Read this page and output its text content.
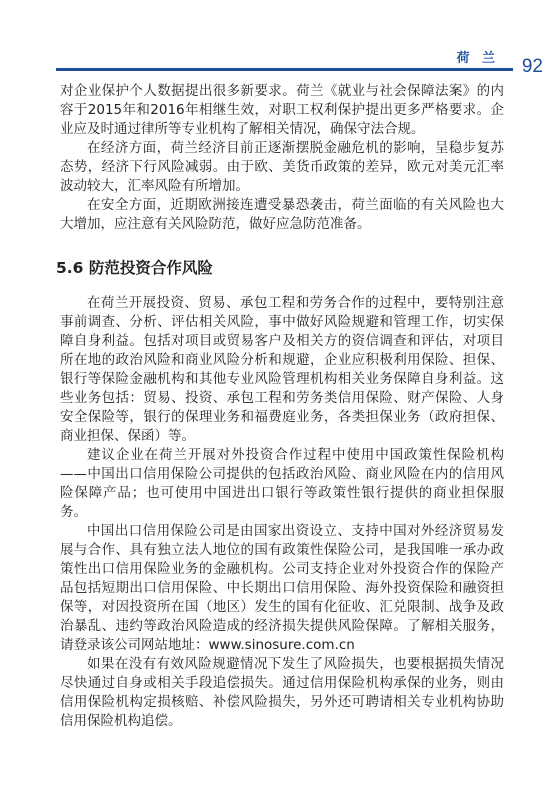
荷 兰 92

对企业保护个人数据提出很多新要求。荷兰《就业与社会保障法案》的内容于2015年和2016年相继生效，对职工权利保护提出更多严格要求。企业应及时通过律所等专业机构了解相关情况，确保守法合规。

在经济方面，荷兰经济目前正逐渐摆脱金融危机的影响，呈稳步复苏态势，经济下行风险减弱。由于欧、美货币政策的差异，欧元对美元汇率波动较大，汇率风险有所增加。

在安全方面，近期欧洲接连遭受暴恐袭击，荷兰面临的有关风险也大大增加，应注意有关风险防范，做好应急防范准备。

5.6 防范投资合作风险

在荷兰开展投资、贸易、承包工程和劳务合作的过程中，要特别注意事前调查、分析、评估相关风险，事中做好风险规避和管理工作，切实保障自身利益。包括对项目或贸易客户及相关方的资信调查和评估，对项目所在地的政治风险和商业风险分析和规避，企业应积极利用保险、担保、银行等保险金融机构和其他专业风险管理机构相关业务保障自身利益。这些业务包括：贸易、投资、承包工程和劳务类信用保险、财产保险、人身安全保险等，银行的保理业务和福费庭业务，各类担保业务（政府担保、商业担保、保函）等。

建议企业在荷兰开展对外投资合作过程中使用中国政策性保险机构——中国出口信用保险公司提供的包括政治风险、商业风险在内的信用风险保障产品；也可使用中国进出口银行等政策性银行提供的商业担保服务。

中国出口信用保险公司是由国家出资设立、支持中国对外经济贸易发展与合作、具有独立法人地位的国有政策性保险公司，是我国唯一承办政策性出口信用保险业务的金融机构。公司支持企业对外投资合作的保险产品包括短期出口信用保险、中长期出口信用保险、海外投资保险和融资担保等，对因投资所在国（地区）发生的国有化征收、汇兑限制、战争及政治暴乱、违约等政治风险造成的经济损失提供风险保障。了解相关服务，请登录该公司网站地址：www.sinosure.com.cn

如果在没有有效风险规避情况下发生了风险损失，也要根据损失情况尽快通过自身或相关手段追偿损失。通过信用保险机构承保的业务，则由信用保险机构定损核赔、补偿风险损失，另外还可聘请相关专业机构协助信用保险机构追偿。
